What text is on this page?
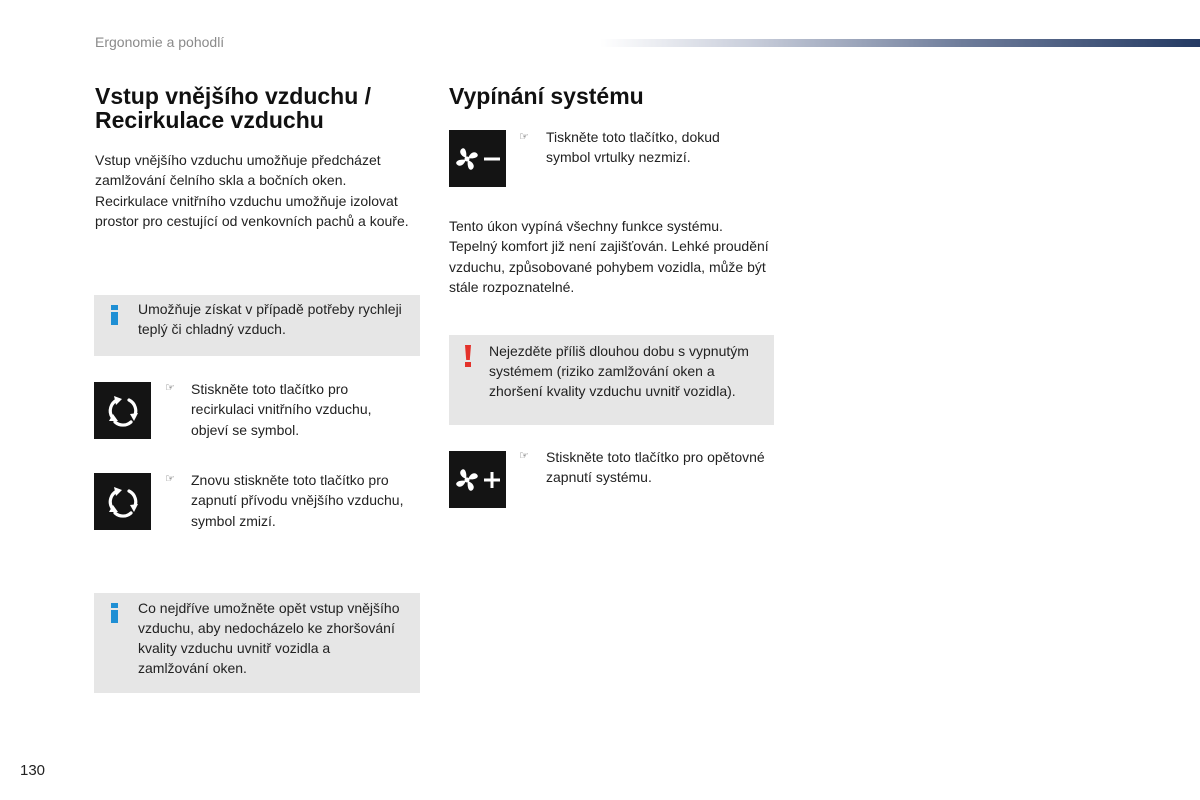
Ergonomie a pohodlí
Vstup vnějšího vzduchu / Recirkulace vzduchu

Vstup vnějšího vzduchu umožňuje předcházet zamlžování čelního skla a bočních oken. Recirkulace vnitřního vzduchu umožňuje izolovat prostor pro cestující od venkovních pachů a kouře.

Umožňuje získat v případě potřeby rychleji teplý či chladný vzduch.
☞ Stiskněte toto tlačítko pro recirkulaci vnitřního vzduchu, objeví se symbol.
☞ Znovu stiskněte toto tlačítko pro zapnutí přívodu vnějšího vzduchu, symbol zmizí.
Co nejdříve umožněte opět vstup vnějšího vzduchu, aby nedocházelo ke zhoršování kvality vzduchu uvnitř vozidla a zamlžování oken.
Vypínání systému
☞ Tiskněte toto tlačítko, dokud symbol vrtulky nezmizí.

Tento úkon vypíná všechny funkce systému. Tepelný komfort již není zajišťován. Lehké proudění vzduchu, způsobované pohybem vozidla, může být stále rozpoznatelné.

Nejezděte příliš dlouhou dobu s vypnutým systémem (riziko zamlžování oken a zhoršení kvality vzduchu uvnitř vozidla).
☞ Stiskněte toto tlačítko pro opětovné zapnutí systému.
130
